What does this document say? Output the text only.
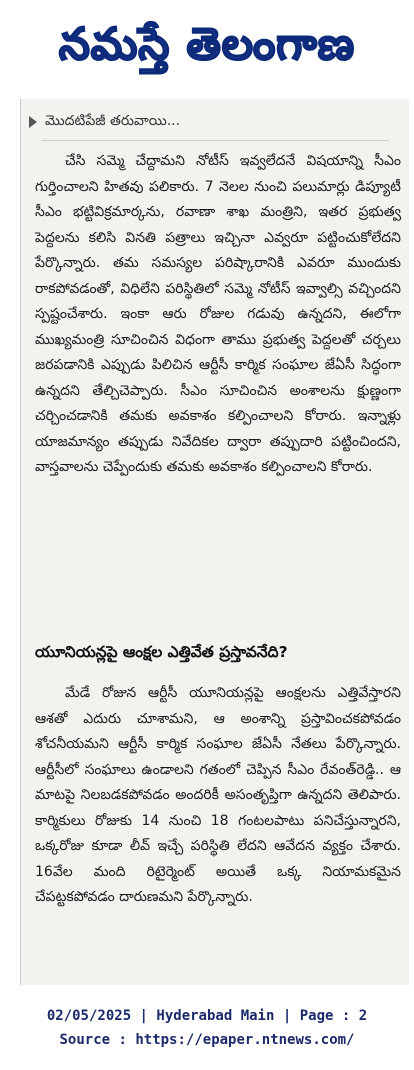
నమస్తే తెలంగాణ
మొదటిపేజీ తరువాయి...

చేసి సమ్మె చేద్దామని నోటీస్ ఇవ్వలేదనే విషయాన్ని సీఎం గుర్తించాలని హితవు పలికారు. 7 నెలల నుంచి పలుమార్లు డిప్యూటీ సీఎం భట్టివిక్రమార్కను, రవాణా శాఖ మంత్రిని, ఇతర ప్రభుత్వ పెద్దలను కలిసి వినతి పత్రాలు ఇచ్చినా ఎవ్వరూ పట్టించుకోలేదని పేర్కొన్నారు. తమ సమస్యల పరిష్కారానికి ఎవరూ ముందుకు రాకపోవడంతో, విధిలేని పరిస్థితిలో సమ్మె నోటీస్ ఇవ్వాల్సి వచ్చిందని స్పష్టంచేశారు. ఇంకా ఆరు రోజుల గడువు ఉన్నదని, ఈలోగా ముఖ్యమంత్రి సూచించిన విధంగా తాము ప్రభుత్వ పెద్దలతో చర్చలు జరపడానికి ఎప్పుడు పిలిచిన ఆర్టీసీ కార్మిక సంఘాల జేఏసీ సిద్ధంగా ఉన్నదని తేల్చిచెప్పారు. సీఎం సూచించిన అంశాలను క్షుణ్ణంగా చర్చించడానికి తమకు అవకాశం కల్పించాలని కోరారు. ఇన్నాళ్లు యాజమాన్యం తప్పుడు నివేదికల ద్వారా తప్పుదారి పట్టించిందని, వాస్తవాలను చెప్పేందుకు తమకు అవకాశం కల్పించాలని కోరారు.

యూనియన్లపై ఆంక్షల ఎత్తివేత ప్రస్తావనేది?

మేడే రోజున ఆర్టీసీ యూనియన్లపై ఆంక్షలను ఎత్తివేస్తారని ఆశతో ఎదురు చూశామని, ఆ అంశాన్ని ప్రస్తావించకపోవడం శోచనీయమని ఆర్టీసీ కార్మిక సంఘాల జేఏసీ నేతలు పేర్కొన్నారు. ఆర్టీసీలో సంఘాలు ఉండాలని గతంలో చెప్పిన సీఎం రేవంత్‌రెడ్డి.. ఆ మాటపై నిలబడకపోవడం అందరికీ అసంతృప్తిగా ఉన్నదని తెలిపారు. కార్మికులు రోజుకు 14 నుంచి 18 గంటలపాటు పనిచేస్తున్నారని, ఒక్కరోజు కూడా లీవ్ ఇచ్చే పరిస్థితి లేదని ఆవేదన వ్యక్తం చేశారు. 16వేల మంది రిటైర్మెంట్ అయితే ఒక్క నియామకమైన చేపట్టకపోవడం దారుణమని పేర్కొన్నారు.

02/05/2025 | Hyderabad Main | Page : 2
Source : https://epaper.ntnews.com/
